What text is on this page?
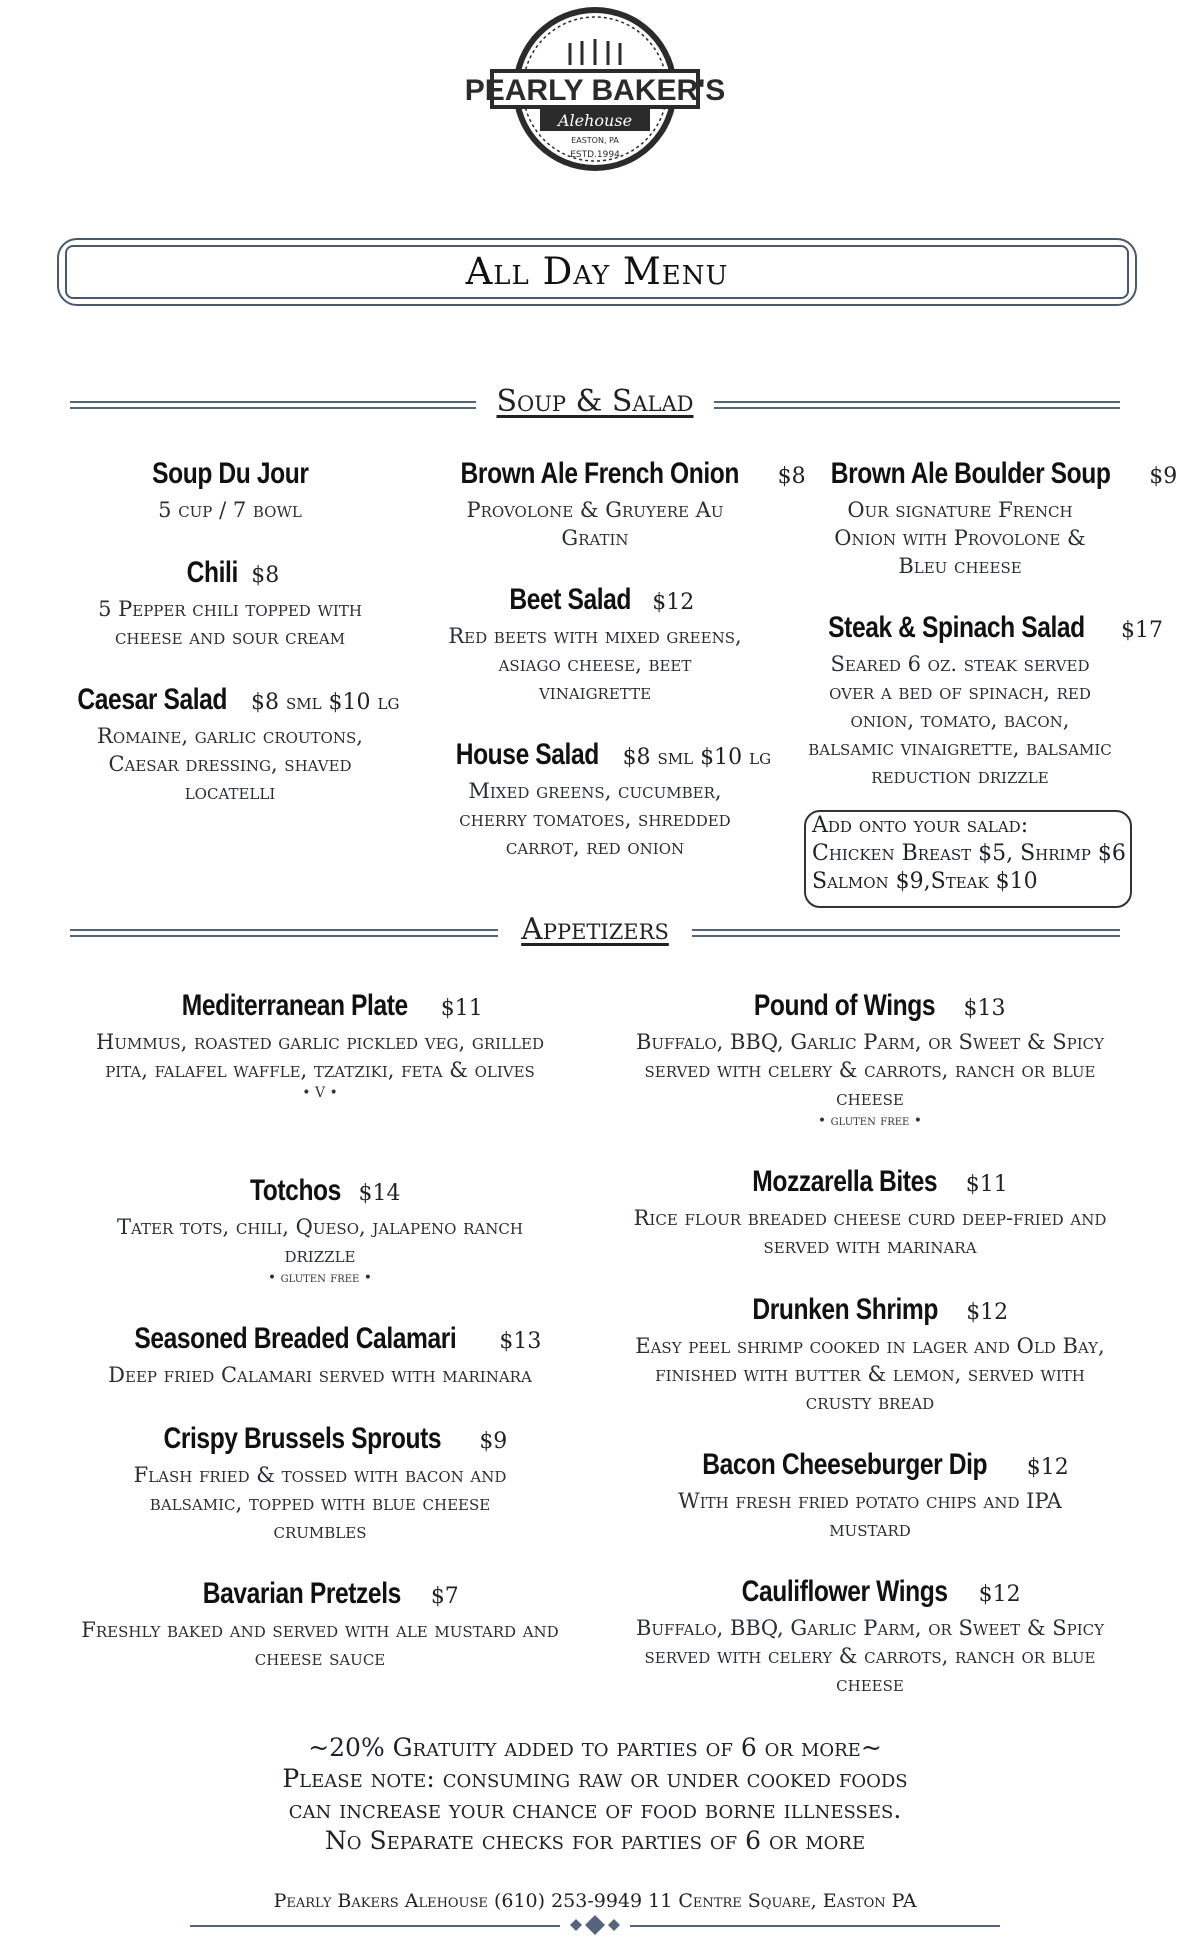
PEARLY BAKER'S
Alehouse
EASTON, PA
ESTD.1994
All Day Menu
Soup & Salad
Soup Du Jour
5 cup / 7 bowl
Chili $8
5 Pepper chili topped with cheese and sour cream
Caesar Salad $8 sml $10 lg
Romaine, garlic croutons, Caesar dressing, shaved locatelli
Brown Ale French Onion $8
Provolone & Gruyere Au Gratin
Beet Salad $12
Red beets with mixed greens, asiago cheese, beet vinaigrette
House Salad $8 sml $10 lg
Mixed greens, cucumber, cherry tomatoes, shredded carrot, red onion
Brown Ale Boulder Soup $9
Our signature French Onion with Provolone & Bleu cheese
Steak & Spinach Salad $17
Seared 6 oz. steak served over a bed of spinach, red onion, tomato, bacon, balsamic vinaigrette, balsamic reduction drizzle
Add onto your salad:
Chicken Breast $5, Shrimp $6
Salmon $9,Steak $10
Appetizers
Mediterranean Plate $11
Hummus, roasted garlic pickled veg, grilled pita, falafel waffle, tzatziki, feta & olives
• V •
Totchos $14
Tater tots, chili, Queso, jalapeno ranch drizzle
• gluten free •
Seasoned Breaded Calamari $13
Deep fried Calamari served with marinara
Crispy Brussels Sprouts $9
Flash fried & tossed with bacon and balsamic, topped with blue cheese crumbles
Bavarian Pretzels $7
Freshly baked and served with ale mustard and cheese sauce
Pound of Wings $13
Buffalo, BBQ, Garlic Parm, or Sweet & Spicy served with celery & carrots, ranch or blue cheese
• gluten free •
Mozzarella Bites $11
Rice flour breaded cheese curd deep-fried and served with marinara
Drunken Shrimp $12
Easy peel shrimp cooked in lager and Old Bay, finished with butter & lemon, served with crusty bread
Bacon Cheeseburger Dip $12
With fresh fried potato chips and IPA mustard
Cauliflower Wings $12
Buffalo, BBQ, Garlic Parm, or Sweet & Spicy served with celery & carrots, ranch or blue cheese
~20% Gratuity added to parties of 6 or more~
Please note: consuming raw or under cooked foods
can increase your chance of food borne illnesses.
No Separate checks for parties of 6 or more
Pearly Bakers Alehouse (610) 253-9949 11 Centre Square, Easton PA
